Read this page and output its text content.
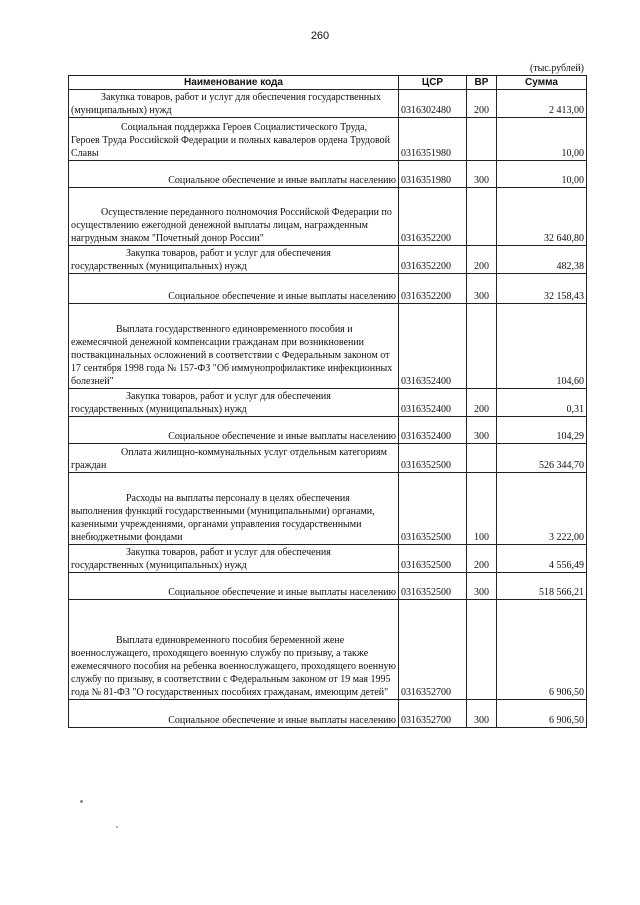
260
(тыс.рублей)
Наименование кода	ЦСР	ВР	Сумма
Закупка товаров, работ и услуг для обеспечения государственных (муниципальных) нужд	0316302480	200	2 413,00
Социальная поддержка Героев Социалистического Труда, Героев Труда Российской Федерации и полных кавалеров ордена Трудовой Славы	0316351980		10,00
Социальное обеспечение и иные выплаты населению	0316351980	300	10,00
Осуществление переданного полномочия Российской Федерации по осуществлению ежегодной денежной выплаты лицам, награжденным нагрудным знаком "Почетный донор России"	0316352200		32 640,80
Закупка товаров, работ и услуг для обеспечения государственных (муниципальных) нужд	0316352200	200	482,38
Социальное обеспечение и иные выплаты населению	0316352200	300	32 158,43
Выплата государственного единовременного пособия и ежемесячной денежной компенсации гражданам при возникновении поствакцинальных осложнений в соответствии с Федеральным законом от 17 сентября 1998 года № 157-ФЗ "Об иммунопрофилактике инфекционных болезней"	0316352400		104,60
Закупка товаров, работ и услуг для обеспечения государственных (муниципальных) нужд	0316352400	200	0,31
Социальное обеспечение и иные выплаты населению	0316352400	300	104,29
Оплата жилищно-коммунальных услуг отдельным категориям граждан	0316352500		526 344,70
Расходы на выплаты персоналу в целях обеспечения выполнения функций государственными (муниципальными) органами, казенными учреждениями, органами управления государственными внебюджетными фондами	0316352500	100	3 222,00
Закупка товаров, работ и услуг для обеспечения государственных (муниципальных) нужд	0316352500	200	4 556,49
Социальное обеспечение и иные выплаты населению	0316352500	300	518 566,21
Выплата единовременного пособия беременной жене военнослужащего, проходящего военную службу по призыву, а также ежемесячного пособия на ребенка военнослужащего, проходящего военную службу по призыву, в соответствии с Федеральным законом от 19 мая 1995 года № 81-ФЗ "О государственных пособиях гражданам, имеющим детей"	0316352700		6 906,50
Социальное обеспечение и иные выплаты населению	0316352700	300	6 906,50
